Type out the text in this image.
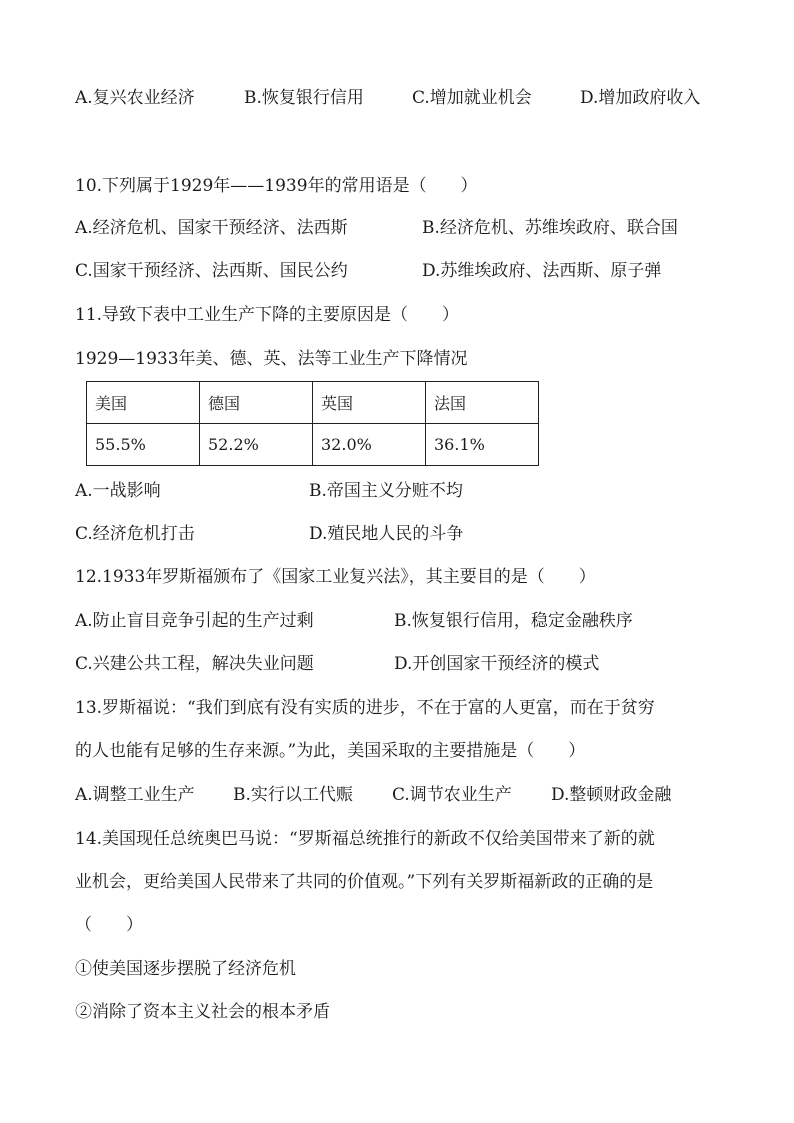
A.复兴农业经济	B.恢复银行信用	C.增加就业机会	D.增加政府收入
10.下列属于1929年——1939年的常用语是（　　）
A.经济危机、国家干预经济、法西斯	B.经济危机、苏维埃政府、联合国
C.国家干预经济、法西斯、国民公约	D.苏维埃政府、法西斯、原子弹
11.导致下表中工业生产下降的主要原因是（　　）
1929—1933年美、德、英、法等工业生产下降情况
美国	德国	英国	法国
55.5%	52.2%	32.0%	36.1%
A.一战影响	B.帝国主义分赃不均
C.经济危机打击	D.殖民地人民的斗争
12.1933年罗斯福颁布了《国家工业复兴法》，其主要目的是（　　）
A.防止盲目竞争引起的生产过剩	B.恢复银行信用，稳定金融秩序
C.兴建公共工程，解决失业问题	D.开创国家干预经济的模式
13.罗斯福说：“我们到底有没有实质的进步，不在于富的人更富，而在于贫穷
的人也能有足够的生存来源。”为此，美国采取的主要措施是（　　）
A.调整工业生产 B.实行以工代赈 C.调节农业生产 D.整顿财政金融
14.美国现任总统奥巴马说：“罗斯福总统推行的新政不仅给美国带来了新的就
业机会，更给美国人民带来了共同的价值观。”下列有关罗斯福新政的正确的是
（　　）
①使美国逐步摆脱了经济危机
②消除了资本主义社会的根本矛盾
